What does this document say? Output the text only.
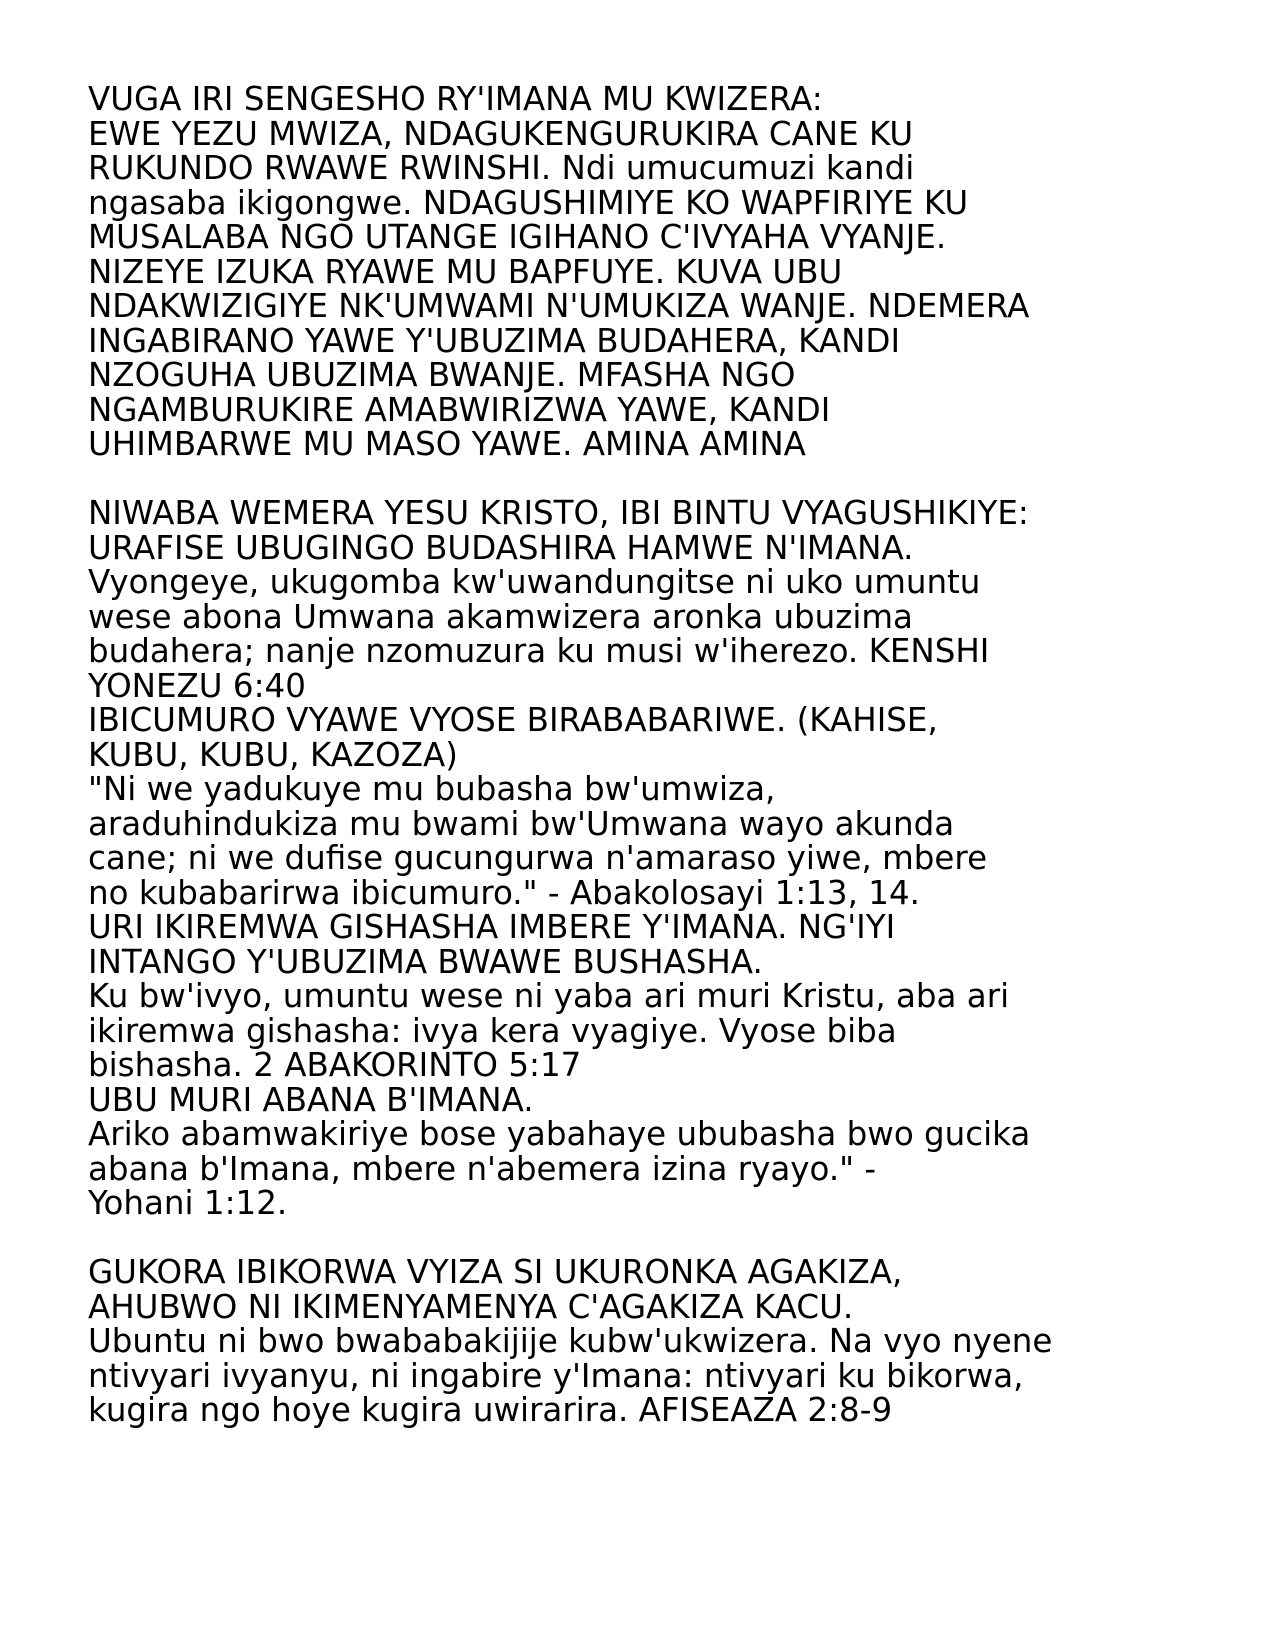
VUGA IRI SENGESHO RY'IMANA MU KWIZERA:
EWE YEZU MWIZA, NDAGUKENGURUKIRA CANE KU
RUKUNDO RWAWE RWINSHI. Ndi umucumuzi kandi
ngasaba ikigongwe. NDAGUSHIMIYE KO WAPFIRIYE KU
MUSALABA NGO UTANGE IGIHANO C'IVYAHA VYANJE.
NIZEYE IZUKA RYAWE MU BAPFUYE. KUVA UBU
NDAKWIZIGIYE NK'UMWAMI N'UMUKIZA WANJE. NDEMERA
INGABIRANO YAWE Y'UBUZIMA BUDAHERA, KANDI
NZOGUHA UBUZIMA BWANJE. MFASHA NGO
NGAMBURUKIRE AMABWIRIZWA YAWE, KANDI
UHIMBARWE MU MASO YAWE. AMINA AMINA
NIWABA WEMERA YESU KRISTO, IBI BINTU VYAGUSHIKIYE:
URAFISE UBUGINGO BUDASHIRA HAMWE N'IMANA.
Vyongeye, ukugomba kw'uwandungitse ni uko umuntu
wese abona Umwana akamwizera aronka ubuzima
budahera; nanje nzomuzura ku musi w'iherezo. KENSHI
YONEZU 6:40
IBICUMURO VYAWE VYOSE BIRABABARIWE. (KAHISE,
KUBU, KUBU, KAZOZA)
"Ni we yadukuye mu bubasha bw'umwiza,
araduhindukiza mu bwami bw'Umwana wayo akunda
cane; ni we dufise gucungurwa n'amaraso yiwe, mbere
no kubabarirwa ibicumuro." - Abakolosayi 1:13, 14.
URI IKIREMWA GISHASHA IMBERE Y'IMANA. NG'IYI
INTANGO Y'UBUZIMA BWAWE BUSHASHA.
Ku bw'ivyo, umuntu wese ni yaba ari muri Kristu, aba ari
ikiremwa gishasha: ivya kera vyagiye. Vyose biba
bishasha. 2 ABAKORINTO 5:17
UBU MURI ABANA B'IMANA.
Ariko abamwakiriye bose yabahaye ububasha bwo gucika
abana b'Imana, mbere n'abemera izina ryayo." -
Yohani 1:12.
GUKORA IBIKORWA VYIZA SI UKURONKA AGAKIZA,
AHUBWO NI IKIMENYAMENYA C'AGAKIZA KACU.
Ubuntu ni bwo bwababakijije kubw'ukwizera. Na vyo nyene
ntivyari ivyanyu, ni ingabire y'Imana: ntivyari ku bikorwa,
kugira ngo hoye kugira uwirarira. AFISEAZA 2:8-9
